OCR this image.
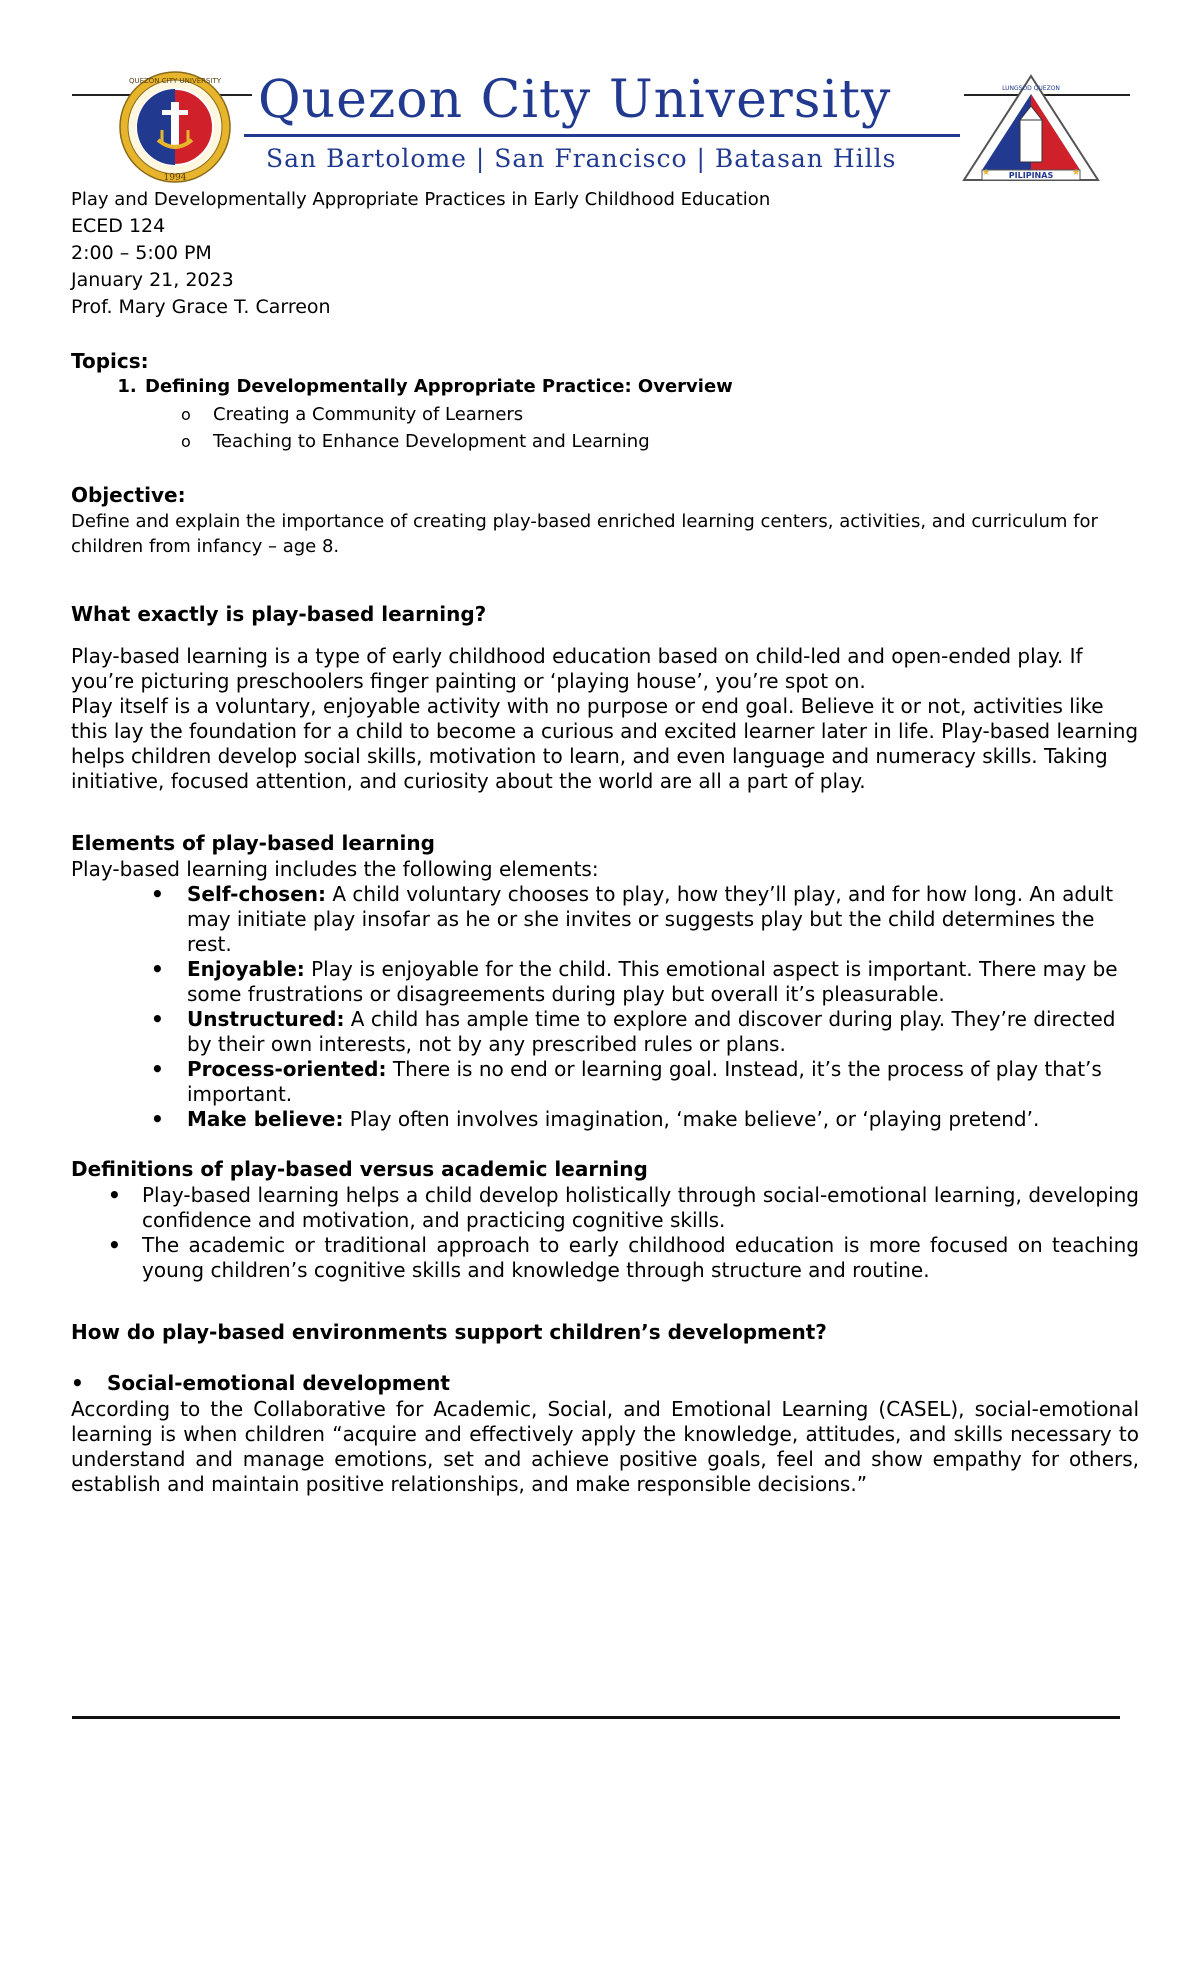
1994
QUEZON CITY UNIVERSITY Quezon City University
San Bartolome | San Francisco | Batasan Hills
PILIPINAS
LUNGSOD QUEZON
★	★
Play and Developmentally Appropriate Practices in Early Childhood Education
ECED 124
2:00 – 5:00 PM
January 21, 2023
Prof. Mary Grace T. Carreon
Topics:
1. Defining Developmentally Appropriate Practice: Overview
o Creating a Community of Learners
o Teaching to Enhance Development and Learning
Objective:
Define and explain the importance of creating play-based enriched learning centers, activities, and curriculum for children from infancy – age 8.
What exactly is play-based learning?
Play-based learning is a type of early childhood education based on child-led and open-ended play. If you’re picturing preschoolers finger painting or ‘playing house’, you’re spot on.
Play itself is a voluntary, enjoyable activity with no purpose or end goal. Believe it or not, activities like this lay the foundation for a child to become a curious and excited learner later in life. Play-based learning helps children develop social skills, motivation to learn, and even language and numeracy skills. Taking initiative, focused attention, and curiosity about the world are all a part of play.
Elements of play-based learning
Play-based learning includes the following elements:
• Self-chosen: A child voluntary chooses to play, how they’ll play, and for how long. An adult may initiate play insofar as he or she invites or suggests play but the child determines the rest.
• Enjoyable: Play is enjoyable for the child. This emotional aspect is important. There may be some frustrations or disagreements during play but overall it’s pleasurable.
• Unstructured: A child has ample time to explore and discover during play. They’re directed by their own interests, not by any prescribed rules or plans.
• Process-oriented: There is no end or learning goal. Instead, it’s the process of play that’s important.
• Make believe: Play often involves imagination, ‘make believe’, or ‘playing pretend’.
Definitions of play-based versus academic learning
• Play-based learning helps a child develop holistically through social-emotional learning, developing confidence and motivation, and practicing cognitive skills.
• The academic or traditional approach to early childhood education is more focused on teaching young children’s cognitive skills and knowledge through structure and routine.
How do play-based environments support children’s development?
• Social-emotional development
According to the Collaborative for Academic, Social, and Emotional Learning (CASEL), social-emotional learning is when children “acquire and effectively apply the knowledge, attitudes, and skills necessary to understand and manage emotions, set and achieve positive goals, feel and show empathy for others, establish and maintain positive relationships, and make responsible decisions.”
